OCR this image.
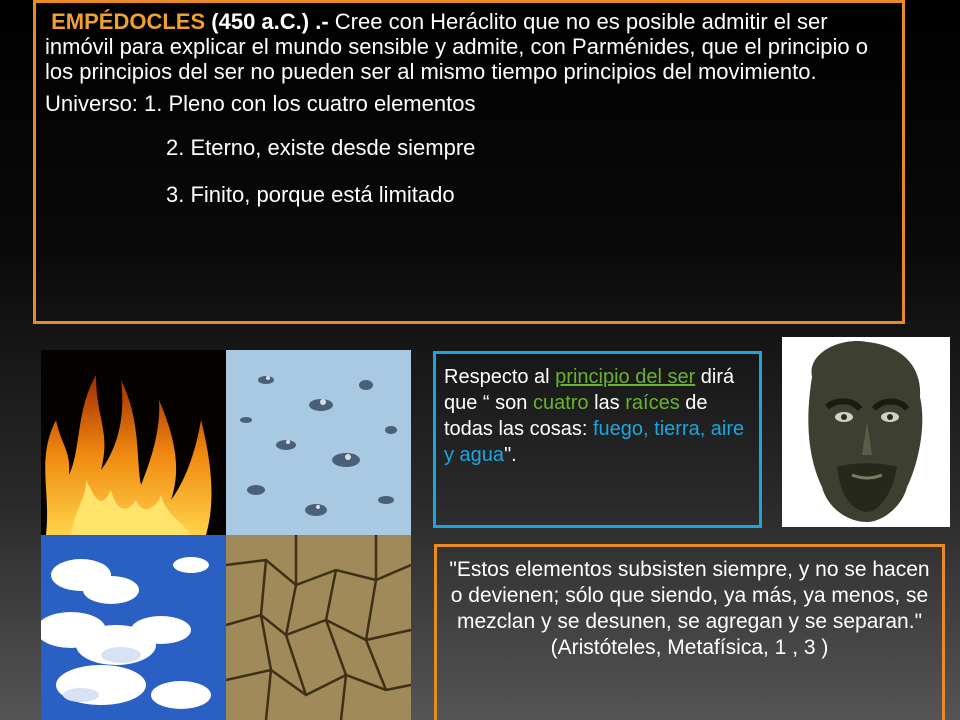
EMPÉDOCLES (450 a.C.) .- Cree con Heráclito que no es posible admitir el ser inmóvil para explicar el mundo sensible y admite, con Parménides, que el principio o los principios del ser no pueden ser al mismo tiempo principios del movimiento.

Universo: 1. Pleno con los cuatro elementos

2. Eterno, existe desde siempre

3. Finito, porque está limitado

Respecto al principio del ser dirá que “ son cuatro las raíces de todas las cosas: fuego, tierra, aire y agua".
"Estos elementos subsisten siempre, y no se hacen o devienen; sólo que siendo, ya más, ya menos, se mezclan y se desunen, se agregan y se separan."
(Aristóteles, Metafísica, 1 , 3 )
